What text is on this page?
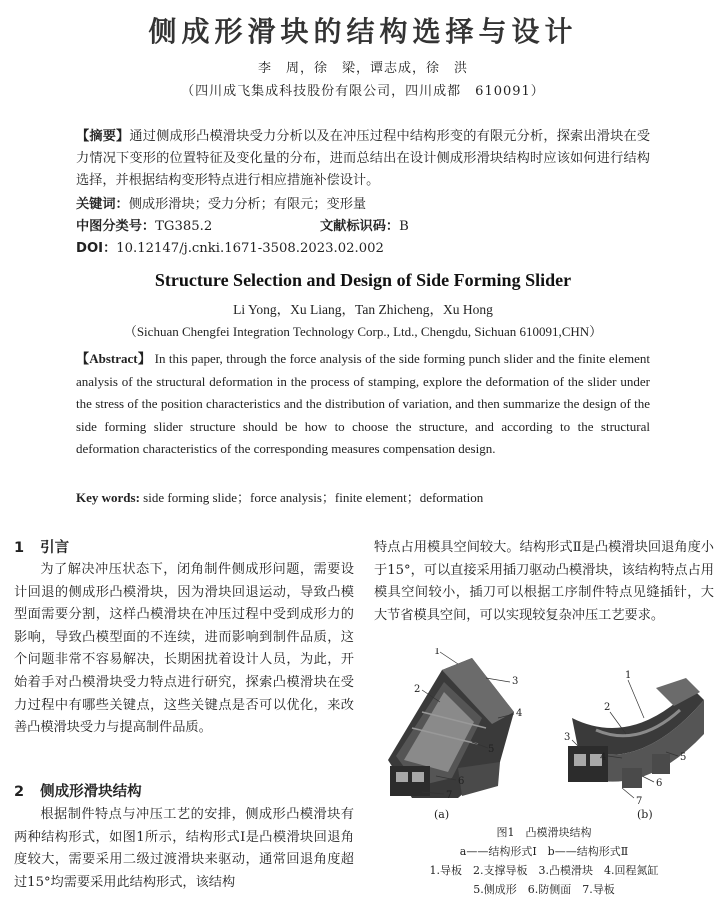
侧成形滑块的结构选择与设计
李　周，徐　梁，谭志成，徐　洪
（四川成飞集成科技股份有限公司，四川成都　610091）
【摘要】通过侧成形凸模滑块受力分析以及在冲压过程中结构形变的有限元分析，探索出滑块在受力情况下变形的位置特征及变化量的分布，进而总结出在设计侧成形滑块结构时应该如何进行结构选择，并根据结构变形特点进行相应措施补偿设计。
关键词：侧成形滑块；受力分析；有限元；变形量
中图分类号：TG385.2	文献标识码：B
DOI：10.12147/j.cnki.1671-3508.2023.02.002
Structure Selection and Design of Side Forming Slider
Li Yong，Xu Liang，Tan Zhicheng，Xu Hong
（Sichuan Chengfei Integration Technology Corp., Ltd., Chengdu, Sichuan 610091,CHN）
【Abstract】 In this paper, through the force analysis of the side forming punch slider and the finite element analysis of the structural deformation in the process of stamping, explore the deformation of the slider under the stress of the position characteristics and the distribution of variation, and then summarize the design of the side forming slider structure should be how to choose the structure, and according to the structural deformation characteristics of the corresponding measures compensation design.
Key words: side forming slide；force analysis；finite element；deformation
1 引言
为了解决冲压状态下，闭角制件侧成形问题，需要设计回退的侧成形凸模滑块，因为滑块回退运动，导致凸模型面需要分割，这样凸模滑块在冲压过程中受到成形力的影响，导致凸模型面的不连续，进而影响到制件品质，这个问题非常不容易解决，长期困扰着设计人员，为此，开始着手对凸模滑块受力特点进行研究，探索凸模滑块在受力过程中有哪些关键点，这些关键点是否可以优化，来改善凸模滑块受力与提高制件品质。
2 侧成形滑块结构
根据制件特点与冲压工艺的安排，侧成形凸模滑块有两种结构形式，如图1所示，结构形式Ⅰ是凸模滑块回退角度较大，需要采用二级过渡滑块来驱动，通常回退角度超过15°均需要采用此结构形式，该结构
特点占用模具空间较大。结构形式Ⅱ是凸模滑块回退角度小于15°，可以直接采用插刀驱动凸模滑块，该结构特点占用模具空间较小，插刀可以根据工序制件特点见缝插针，大大节省模具空间，可以实现较复杂冲压工艺要求。
1
2
3
4
5
6
7
1
2
3
4	5
6
7
(a)	(b)
图1　凸模滑块结构
a——结构形式Ⅰ　b——结构形式Ⅱ
1.导板　2.支撑导板　3.凸模滑块　4.回程氮缸
5.侧成形　6.防侧面　7.导板
